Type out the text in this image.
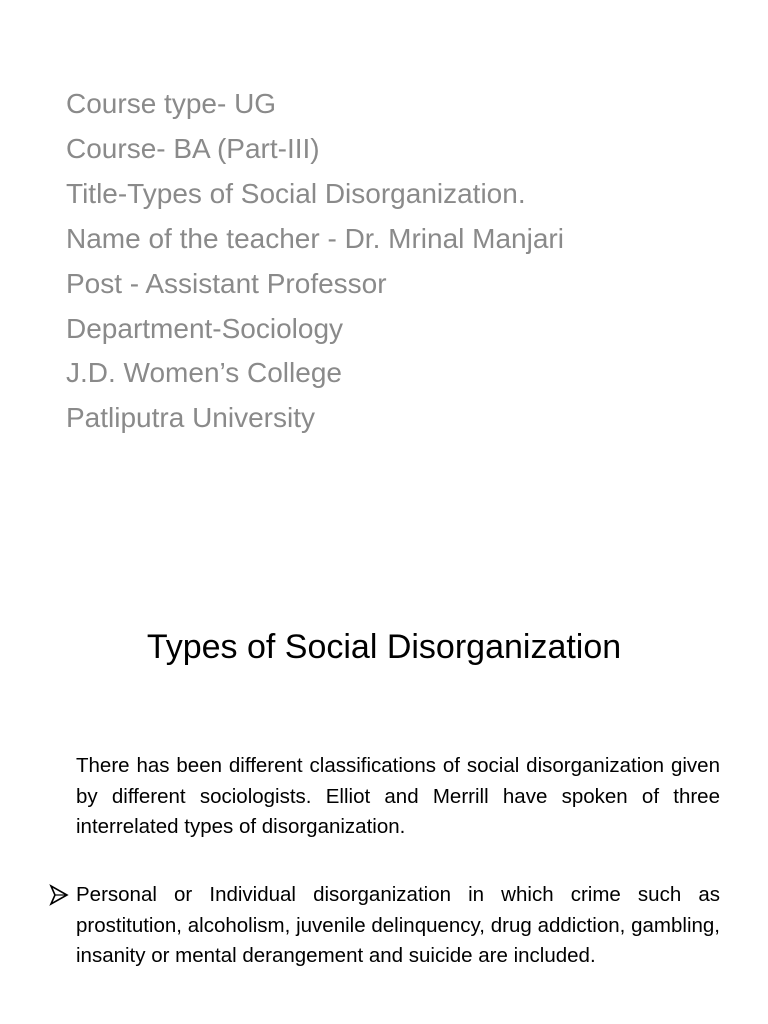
Course type- UG
Course- BA (Part-III)
Title-Types of Social Disorganization.
Name of the teacher - Dr. Mrinal Manjari
Post - Assistant Professor
Department-Sociology
J.D. Women’s College
Patliputra University
Types of Social Disorganization

There has been different classifications of social disorganization given by different sociologists. Elliot and Merrill have spoken of three interrelated types of disorganization.

Personal or Individual disorganization in which crime such as prostitution, alcoholism, juvenile delinquency, drug addiction, gambling, insanity or mental derangement and suicide are included.
